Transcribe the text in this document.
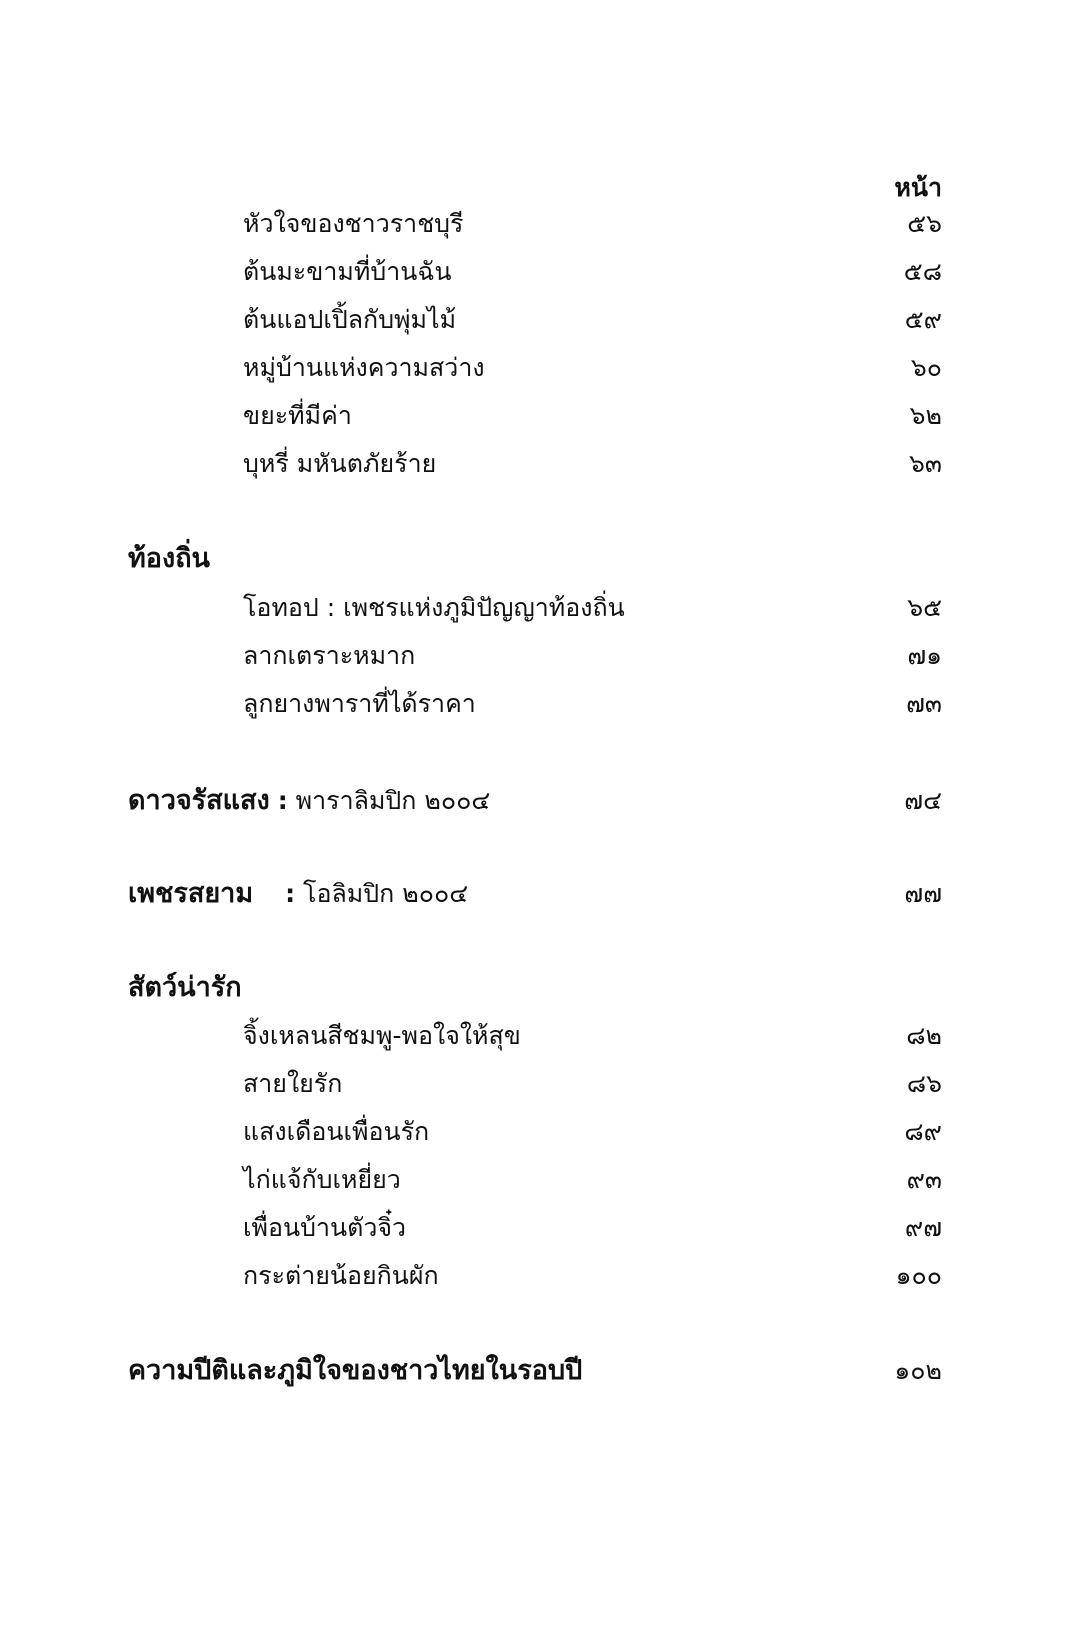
หน้า
หัวใจของชาวราชบุรี	๕๖
ต้นมะขามที่บ้านฉัน	๕๘
ต้นแอปเปิ้ลกับพุ่มไม้	๕๙
หมู่บ้านแห่งความสว่าง	๖๐
ขยะที่มีค่า	๖๒
บุหรี่ มหันตภัยร้าย	๖๓
ท้องถิ่น
โอทอป : เพชรแห่งภูมิปัญญาท้องถิ่น	๖๕
ลากเตราะหมาก	๗๑
ลูกยางพาราที่ได้ราคา	๗๓
ดาวจรัสแสง : พาราลิมปิก ๒๐๐๔	๗๔
เพชรสยาม : โอลิมปิก ๒๐๐๔	๗๗
สัตว์น่ารัก
จิ้งเหลนสีชมพู-พอใจให้สุข	๘๒
สายใยรัก	๘๖
แสงเดือนเพื่อนรัก	๘๙
ไก่แจ้กับเหยี่ยว	๙๓
เพื่อนบ้านตัวจิ๋ว	๙๗
กระต่ายน้อยกินผัก	๑๐๐
ความปีติและภูมิใจของชาวไทยในรอบปี	๑๐๒
